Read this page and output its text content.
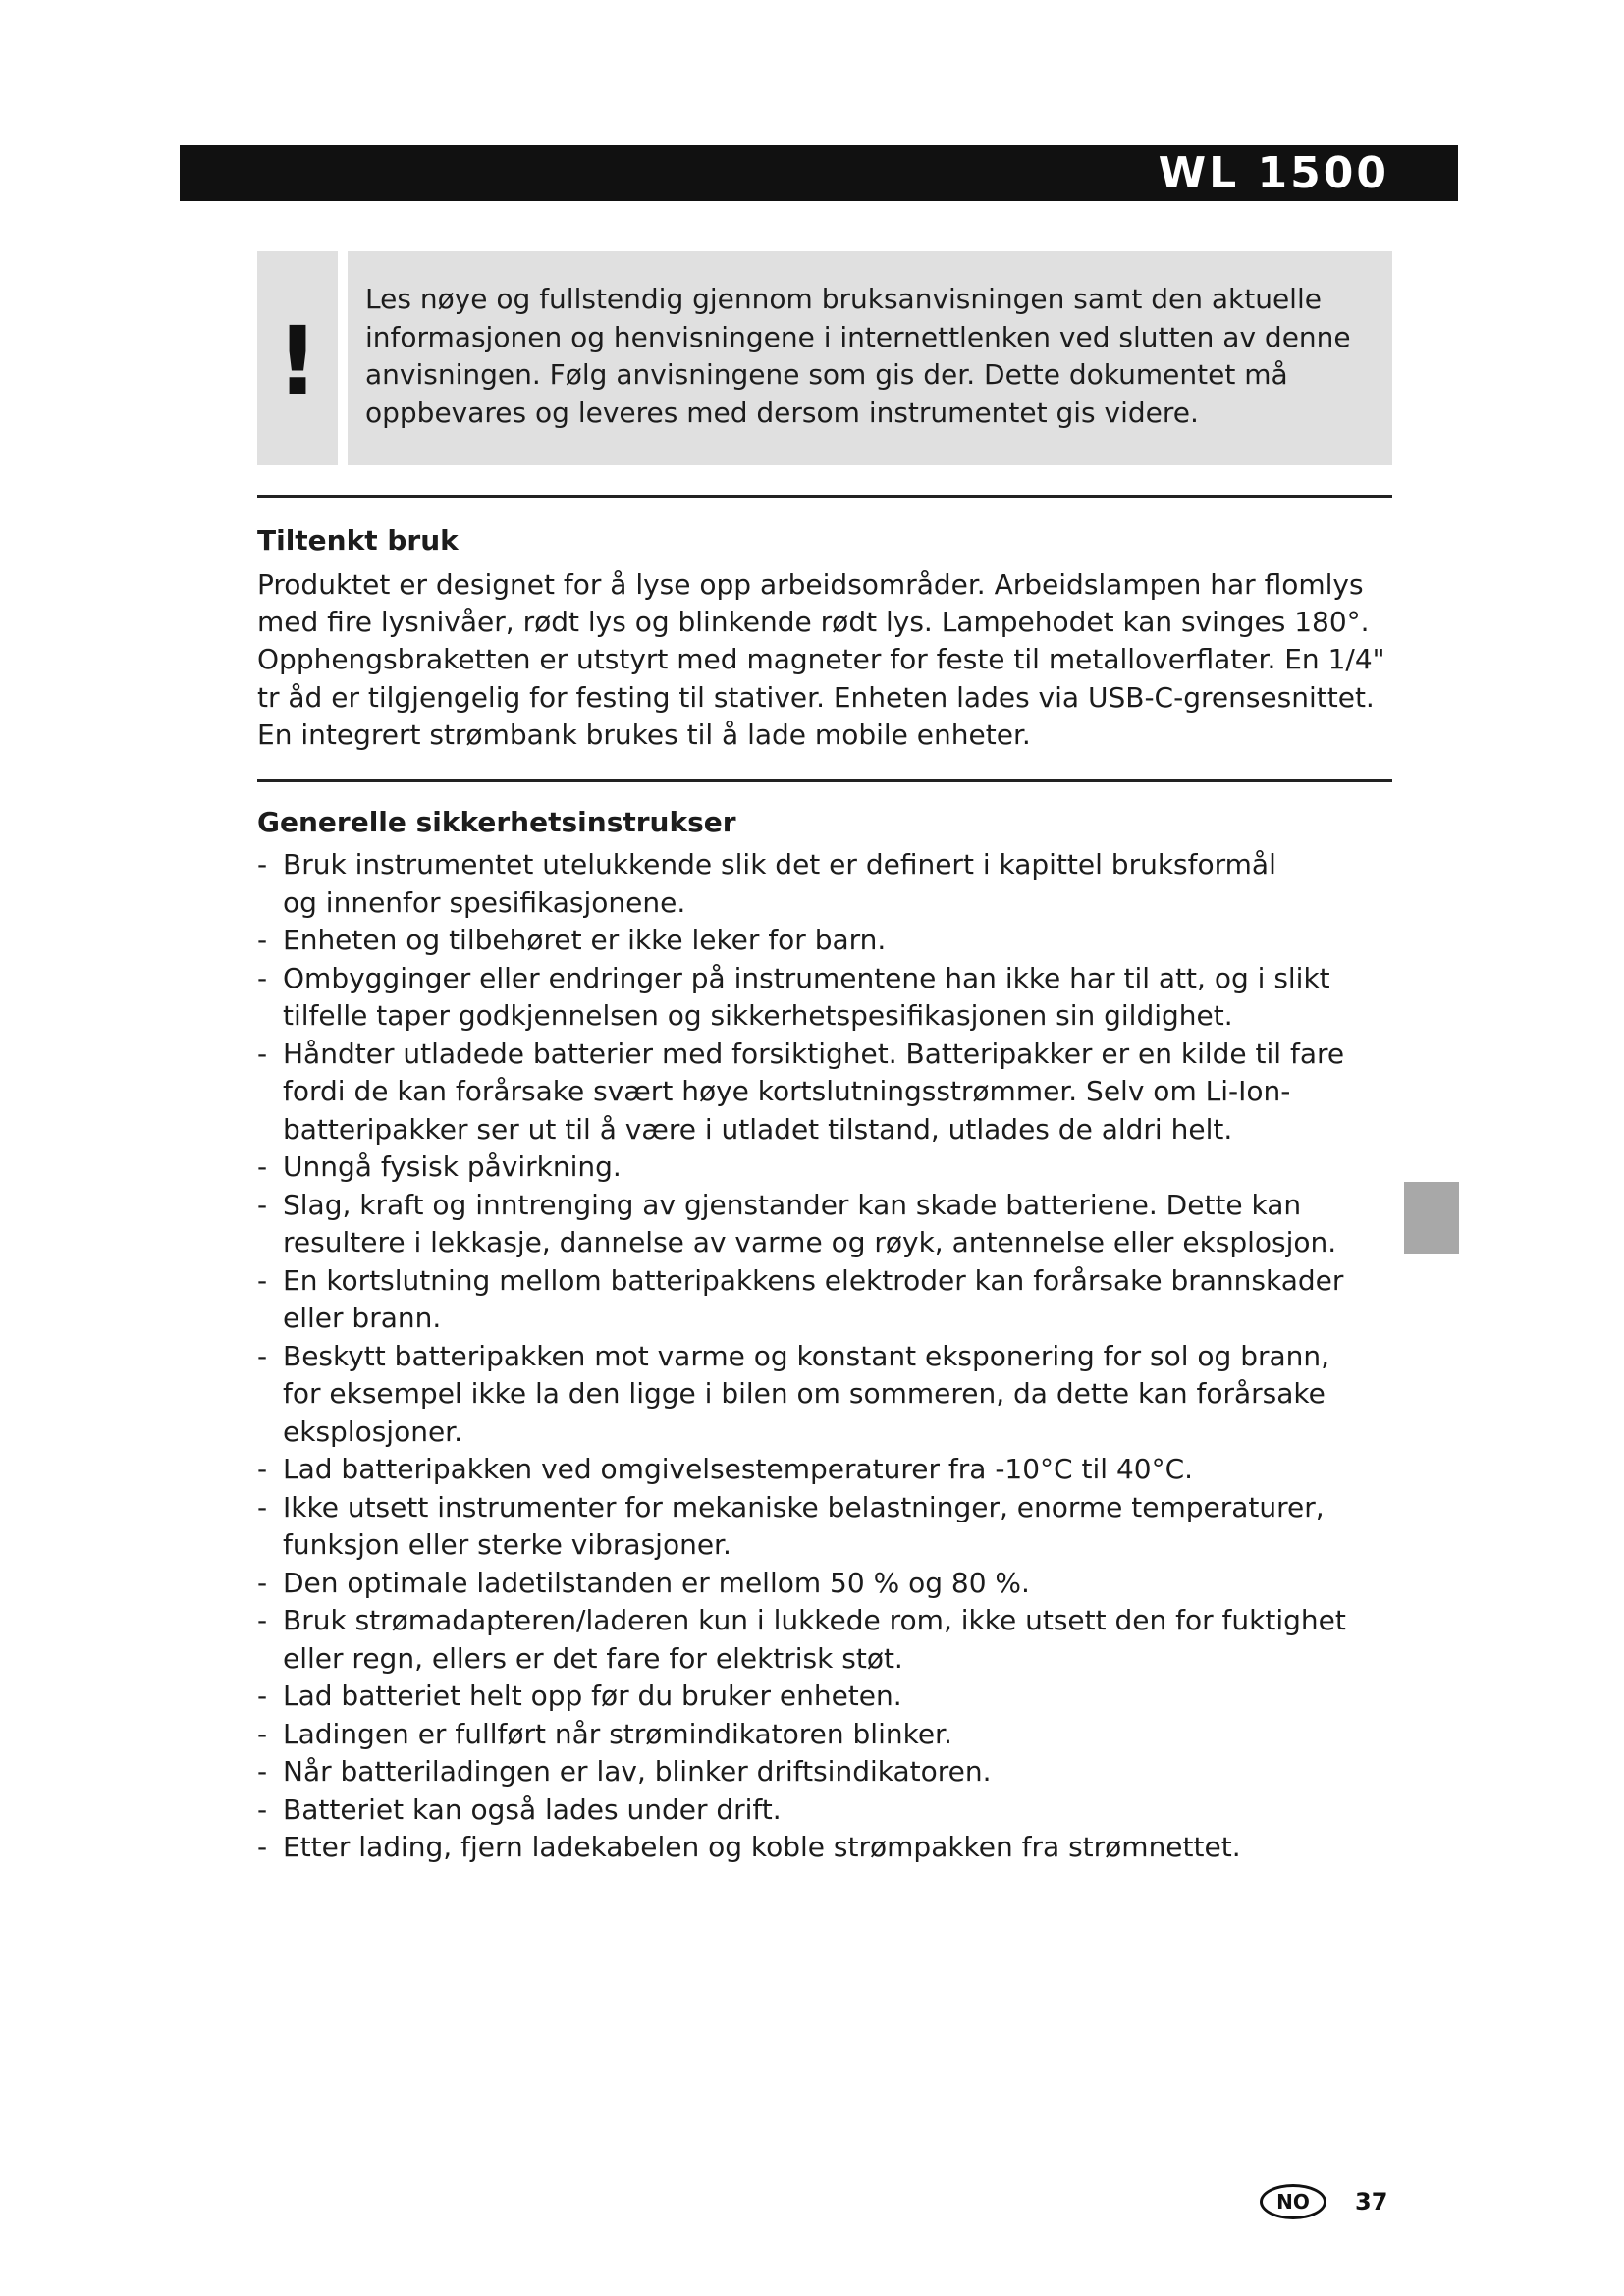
WL 1500
!
Les nøye og fullstendig gjennom bruksanvisningen samt den aktuelle
informasjonen og henvisningene i internettlenken ved slutten av denne
anvisningen. Følg anvisningene som gis der. Dette dokumentet må
oppbevares og leveres med dersom instrumentet gis videre.
Tiltenkt bruk
Produktet er designet for å lyse opp arbeidsområder. Arbeidslampen har flomlys
med fire lysnivåer, rødt lys og blinkende rødt lys. Lampehodet kan svinges 180°.
Opphengsbraketten er utstyrt med magneter for feste til metalloverflater. En 1/4"
tr åd er tilgjengelig for festing til stativer. Enheten lades via USB-C-grensesnittet.
En integrert strømbank brukes til å lade mobile enheter.
Generelle sikkerhetsinstrukser
- Bruk instrumentet utelukkende slik det er definert i kapittel bruksformål
og innenfor spesifikasjonene.
- Enheten og tilbehøret er ikke leker for barn.
- Ombygginger eller endringer på instrumentene han ikke har til att, og i slikt
tilfelle taper godkjennelsen og sikkerhetspesifikasjonen sin gildighet.
- Håndter utladede batterier med forsiktighet. Batteripakker er en kilde til fare
fordi de kan forårsake svært høye kortslutningsstrømmer. Selv om Li-Ion-
batteripakker ser ut til å være i utladet tilstand, utlades de aldri helt.
- Unngå fysisk påvirkning.
- Slag, kraft og inntrenging av gjenstander kan skade batteriene. Dette kan
resultere i lekkasje, dannelse av varme og røyk, antennelse eller eksplosjon.
- En kortslutning mellom batteripakkens elektroder kan forårsake brannskader
eller brann.
- Beskytt batteripakken mot varme og konstant eksponering for sol og brann,
for eksempel ikke la den ligge i bilen om sommeren, da dette kan forårsake
eksplosjoner.
- Lad batteripakken ved omgivelsestemperaturer fra -10°C til 40°C.
- Ikke utsett instrumenter for mekaniske belastninger, enorme temperaturer,
funksjon eller sterke vibrasjoner.
- Den optimale ladetilstanden er mellom 50 % og 80 %.
- Bruk strømadapteren/laderen kun i lukkede rom, ikke utsett den for fuktighet
eller regn, ellers er det fare for elektrisk støt.
- Lad batteriet helt opp før du bruker enheten.
- Ladingen er fullført når strømindikatoren blinker.
- Når batteriladingen er lav, blinker driftsindikatoren.
- Batteriet kan også lades under drift.
- Etter lading, fjern ladekabelen og koble strømpakken fra strømnettet.
NO	37
